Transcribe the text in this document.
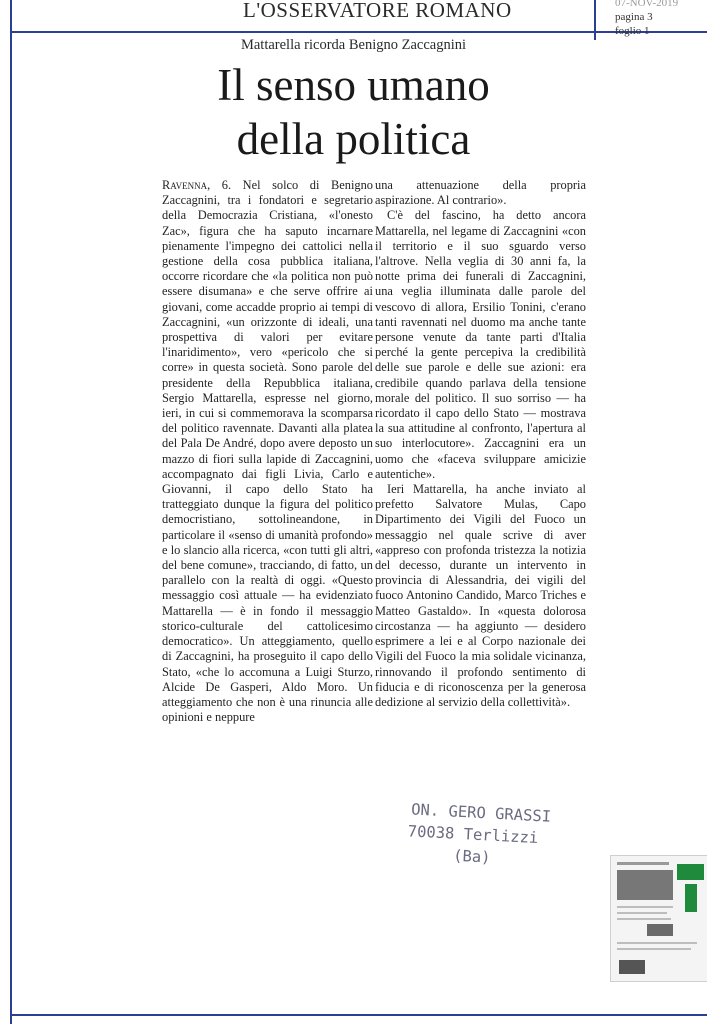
L'OSSERVATORE ROMANO	07-NOV-2019
pagina 3
foglio 1
Mattarella ricorda Benigno Zaccagnini
Il senso umano
della politica

Ravenna, 6. Nel solco di Benigno Zaccagnini, tra i fondatori e segretario della Democrazia Cristiana, «l'onesto Zac», figura che ha saputo incarnare pienamente l'impegno dei cattolici nella gestione della cosa pubblica italiana, occorre ricordare che «la politica non può essere disumana» e che serve offrire ai giovani, come accadde proprio ai tempi di Zaccagnini, «un orizzonte di ideali, una prospettiva di valori per evitare l'inaridimento», vero «pericolo che si corre» in questa società. Sono parole del presidente della Repubblica italiana, Sergio Mattarella, espresse nel giorno, ieri, in cui si commemorava la scomparsa del politico ravennate. Davanti alla platea del Pala De André, dopo avere deposto un mazzo di fiori sulla lapide di Zaccagnini, accompagnato dai figli Livia, Carlo e Giovanni, il capo dello Stato ha tratteggiato dunque la figura del politico democristiano, sottolineandone, in particolare il «senso di umanità profondo» e lo slancio alla ricerca, «con tutti gli altri, del bene comune», tracciando, di fatto, un parallelo con la realtà di oggi. «Questo messaggio così attuale — ha evidenziato Mattarella — è in fondo il messaggio storico-culturale del cattolicesimo democratico». Un atteggiamento, quello di Zaccagnini, ha proseguito il capo dello Stato, «che lo accomuna a Luigi Sturzo, Alcide De Gasperi, Aldo Moro. Un atteggiamento che non è una rinuncia alle opinioni e neppure

una attenuazione della propria aspirazione. Al contrario».

C'è del fascino, ha detto ancora Mattarella, nel legame di Zaccagnini «con il territorio e il suo sguardo verso l'altrove. Nella veglia di 30 anni fa, la notte prima dei funerali di Zaccagnini, una veglia illuminata dalle parole del vescovo di allora, Ersilio Tonini, c'erano tanti ravennati nel duomo ma anche tante persone venute da tante parti d'Italia perché la gente percepiva la credibilità delle sue parole e delle sue azioni: era credibile quando parlava della tensione morale del politico. Il suo sorriso — ha ricordato il capo dello Stato — mostrava la sua attitudine al confronto, l'apertura al suo interlocutore». Zaccagnini era un uomo che «faceva sviluppare amicizie autentiche».

Ieri Mattarella, ha anche inviato al prefetto Salvatore Mulas, Capo Dipartimento dei Vigili del Fuoco un messaggio nel quale scrive di aver «appreso con profonda tristezza la notizia del decesso, durante un intervento in provincia di Alessandria, dei vigili del fuoco Antonino Candido, Marco Triches e Matteo Gastaldo». In «questa dolorosa circostanza — ha aggiunto — desidero esprimere a lei e al Corpo nazionale dei Vigili del Fuoco la mia solidale vicinanza, rinnovando il profondo sentimento di fiducia e di riconoscenza per la generosa dedizione al servizio della collettività».

ON. GERO GRASSI
70038 Terlizzi (Ba)
